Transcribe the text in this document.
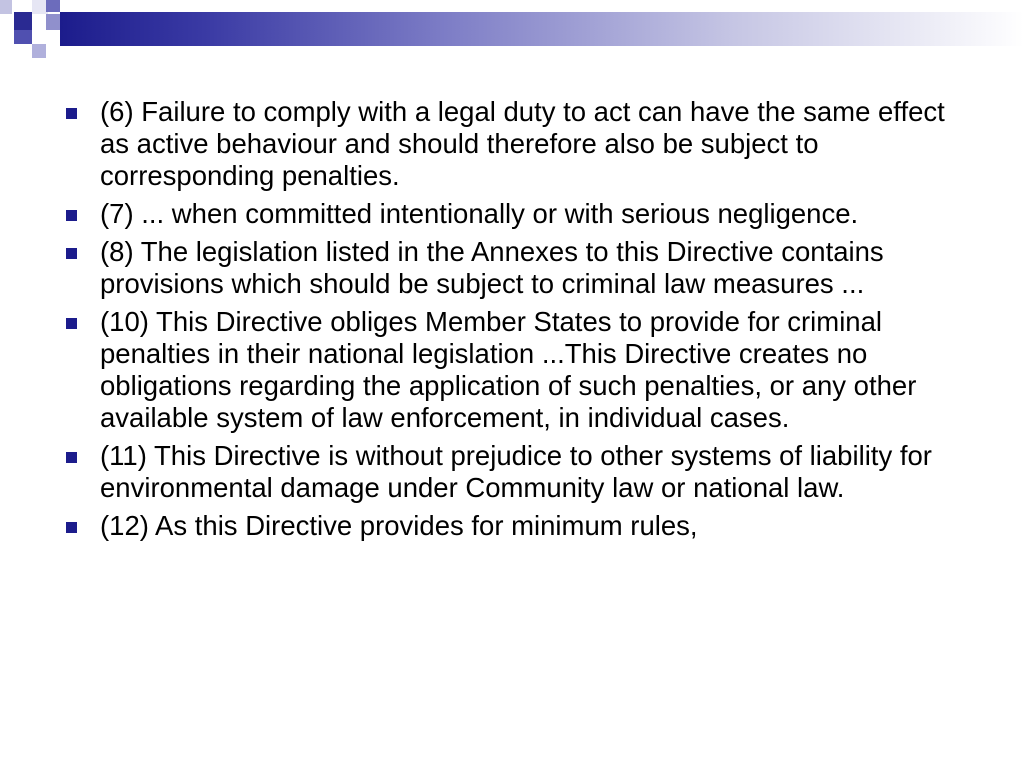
(6) Failure to comply with a legal duty to act can have the same effect as active behaviour and should therefore also be subject to corresponding penalties.
(7) ... when committed intentionally or with serious negligence.
(8) The legislation listed in the Annexes to this Directive contains provisions which should be subject to criminal law measures ...
(10) This Directive obliges Member States to provide for criminal penalties in their national legislation ...This Directive creates no obligations regarding the application of such penalties, or any other available system of law enforcement, in individual cases.
(11) This Directive is without prejudice to other systems of liability for environmental damage under Community law or national law.
(12) As this Directive provides for minimum rules,
